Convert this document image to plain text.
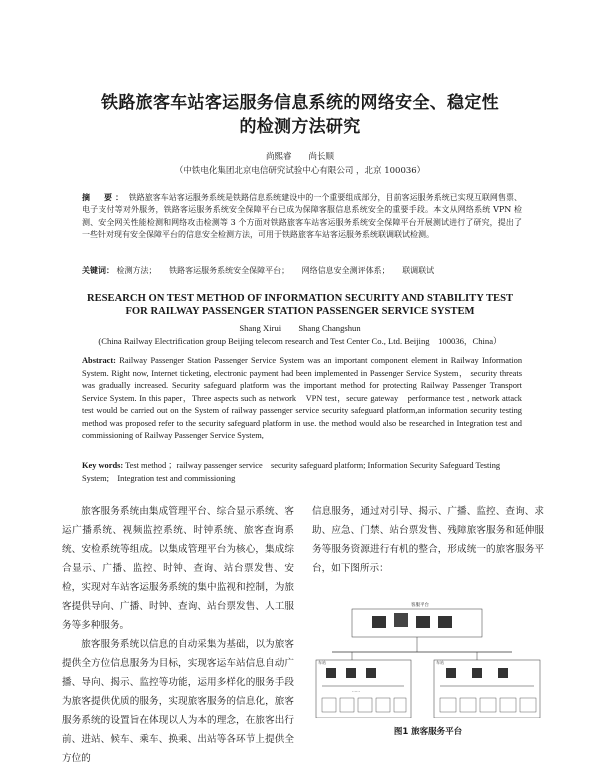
铁路旅客车站客运服务信息系统的网络安全、稳定性
的检测方法研究
尚熙睿　　尚长顺
（中铁电化集团北京电信研究试验中心有限公司 ，北京 100036）
摘　要： 铁路旅客车站客运服务系统是铁路信息系统建设中的一个重要组成部分，目前客运服务系统已实现互联网售票、电子支付等对外服务，铁路客运服务系统安全保障平台已成为保障客服信息系统安全的重要手段。本文从网络系统 VPN 检测、安全网关性能检测和网络攻击检测等 3 个方面对铁路旅客车站客运服务系统安全保障平台开展测试进行了研究，提出了一些针对现有安全保障平台的信息安全检测方法，可用于铁路旅客车站客运服务系统联调联试检测。
关键词： 检测方法； 铁路客运服务系统安全保障平台； 网络信息安全测评体系； 联调联试
RESEARCH ON TEST METHOD OF INFORMATION SECURITY AND STABILITY TEST
FOR RAILWAY PASSENGER STATION PASSENGER SERVICE SYSTEM
Shang Xirui　　Shang Changshun
(China Railway Electrification group Beijing telecom research and Test Center Co., Ltd. Beijing　100036，China）
Abstract: Railway Passenger Station Passenger Service System was an important component element in Railway Information System. Right now, Internet ticketing, electronic payment had been implemented in Passenger Service System， security threats was gradually increased. Security safeguard platform was the important method for protecting Railway Passenger Transport Service System. In this paper，Three aspects such as network　VPN test，secure gateway　performance test , network attack test would be carried out on the System of railway passenger service security safeguard platform,an information security testing method was proposed refer to the security safeguard platform in use. the method would also be researched in Integration test and commissioning of Railway Passenger Service System,
Key words: Test method ；railway passenger service　security safeguard platform; Information Security Safeguard Testing System;　Integration test and commissioning

旅客服务系统由集成管理平台、综合显示系统、客运广播系统、视频监控系统、时钟系统、旅客查询系统、安检系统等组成。以集成管理平台为核心，集成综合显示、广播、监控、时钟、查询、站台票发售、安检，实现对车站客运服务系统的集中监视和控制，为旅客提供导向、广播、时钟、查询、站台票发售、人工服务等多种服务。

旅客服务系统以信息的自动采集为基础，以为旅客提供全方位信息服务为目标，实现客运车站信息自动广播、导向、揭示、监控等功能，运用多样化的服务手段为旅客提供优质的服务，实现旅客服务的信息化，旅客服务系统的设置旨在体现以人为本的理念，在旅客出行前、进站、候车、乘车、换乘、出站等各环节上提供全方位的

信息服务，通过对引导、揭示、广播、监控、查询、求助、应急、门禁、站台票发售、残障旅客服务和延伸服务等服务资源进行有机的整合，形成统一的旅客服务平台，如下图所示：

客服平台
车站
……
车站
图1 旅客服务平台
